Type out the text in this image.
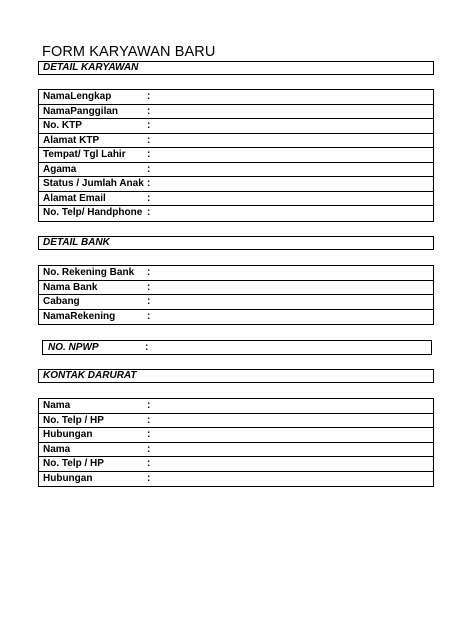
FORM KARYAWAN BARU
DETAIL KARYAWAN
NamaLengkap	:
NamaPanggilan	:
No. KTP	:
Alamat KTP	:
Tempat/ Tgl Lahir :
Agama	:
Status / Jumlah Anak :
Alamat Email	:
No. Telp/ Handphone :
DETAIL BANK
No. Rekening Bank :
Nama Bank	:
Cabang	:
NamaRekening	:
NO. NPWP	:
KONTAK DARURAT
Nama	:
No. Telp / HP	:
Hubungan	:
Nama	:
No. Telp / HP	:
Hubungan	:
